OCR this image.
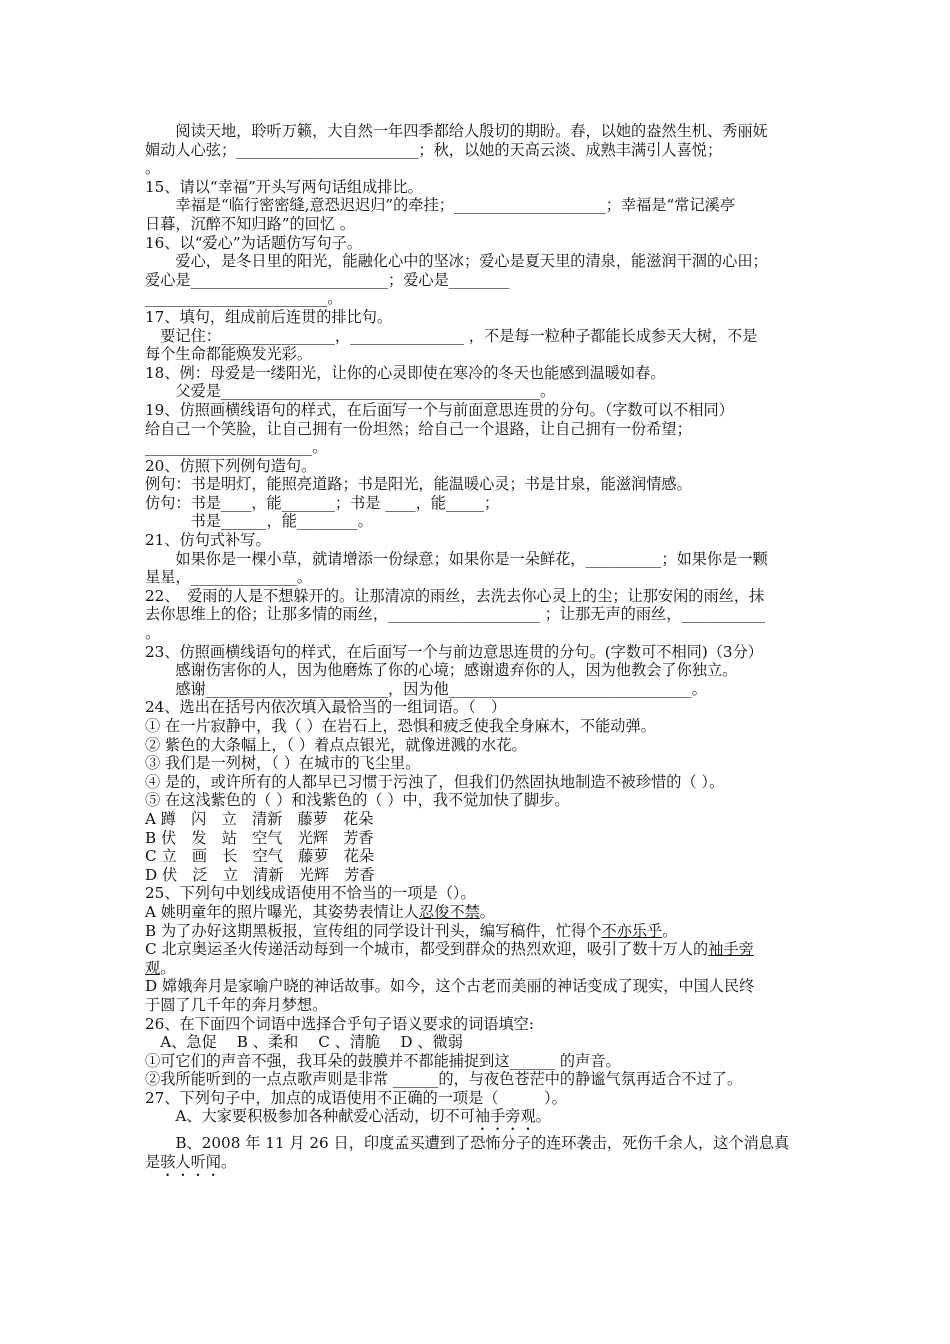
　　阅读天地，聆听万籁，大自然一年四季都给人殷切的期盼。春，以她的盎然生机、秀丽妩

媚动人心弦；________________________；秋，以她的天高云淡、成熟丰满引人喜悦；

。

15、请以“幸福”开头写两句话组成排比。

　　幸福是“临行密密缝,意恐迟迟归”的牵挂；____________________；幸福是“常记溪亭

日暮，沉醉不知归路”的回忆 。

16、以“爱心”为话题仿写句子。

　　爱心，是冬日里的阳光，能融化心中的坚冰；爱心是夏天里的清泉，能滋润干涸的心田；

爱心是__________________________；爱心是________

________________________。

17、填句，组成前后连贯的排比句。

　要记住：_______________，_______________ ，不是每一粒种子都能长成参天大树，不是

每个生命都能焕发光彩。

18、例：母爱是一缕阳光，让你的心灵即使在寒冷的冬天也能感到温暖如春。

　　父爱是__________________________________________。

19、仿照画横线语句的样式，在后面写一个与前面意思连贯的分句。（字数可以不相同）

给自己一个笑脸，让自己拥有一份坦然；给自己一个退路，让自己拥有一份希望；

______________________。

20、仿照下列例句造句。

例句：书是明灯，能照亮道路；书是阳光，能温暖心灵；书是甘泉，能滋润情感。

仿句：书是____，能_______；书是 ____，能_____；

　　　书是______，能________。

21、仿句式补写。

　　如果你是一棵小草，就请增添一份绿意；如果你是一朵鲜花，__________；如果你是一颗

星星，______________。

22、　爱雨的人是不想躲开的。让那清凉的雨丝，去洗去你心灵上的尘；让那安闲的雨丝，抹

去你思维上的俗；让那多情的雨丝，____________________ ；让那无声的雨丝，___________

。

23、仿照画横线语句的样式，在后面写一个与前边意思连贯的分句。(字数可不相同)（3分）

　　感谢伤害你的人，因为他磨炼了你的心境；感谢遗弃你的人，因为他教会了你独立。

　　感谢________________________，因为他________________________________。

24、选出在括号内依次填入最恰当的一组词语。（　）

① 在一片寂静中，我（ ）在岩石上，恐惧和疲乏使我全身麻木，不能动弹。

② 紫色的大条幅上，（ ）着点点银光，就像迸溅的水花。

③ 我们是一列树，（ ）在城市的飞尘里。

④ 是的，或许所有的人都早已习惯于污浊了，但我们仍然固执地制造不被珍惜的（ ）。

⑤ 在这浅紫色的（ ）和浅紫色的（ ）中，我不觉加快了脚步。

A 蹲　闪　立　清新　藤萝　花朵

B 伏　发　站　空气　光辉　芳香

C 立　画　长　空气　藤萝　花朵

D 伏　泛　立　清新　光辉　芳香

25、下列句中划线成语使用不恰当的一项是（）。

A 姚明童年的照片曝光，其姿势表情让人忍俊不禁。

B 为了办好这期黑板报，宣传组的同学设计刊头，编写稿件，忙得个不亦乐乎。

C 北京奥运圣火传递活动每到一个城市，都受到群众的热烈欢迎，吸引了数十万人的袖手旁

观。

D 嫦娥奔月是家喻户晓的神话故事。如今，这个古老而美丽的神话变成了现实，中国人民终

于圆了几千年的奔月梦想。

26、在下面四个词语中选择合乎句子语义要求的词语填空:

　A、急促　 B 、柔和　 C 、清脆　 D 、微弱

①可它们的声音不强，我耳朵的鼓膜并不都能捕捉到这______ 的声音。

②我所能听到的一点点歌声则是非常 ______的，与夜色苍茫中的静谧气氛再适合不过了。

27、下列句子中，加点的成语使用不正确的一项是（　　　）。

　　A、大家要积极参加各种献爱心活动，切不可袖手旁观。

　　B、2008 年 11 月 26 日，印度孟买遭到了恐怖分子的连环袭击，死伤千余人，这个消息真

是骇人听闻。
